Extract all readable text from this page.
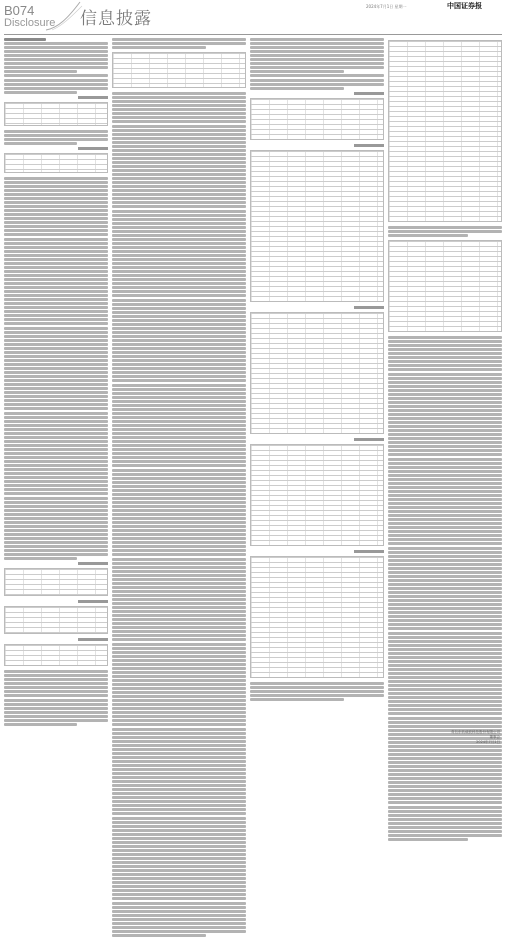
B074
Disclosure 信息披露
2024年7月1日 星期一	中国证券报
青岛东软载波科技股份有限公司
董事会
2024年7月1日
